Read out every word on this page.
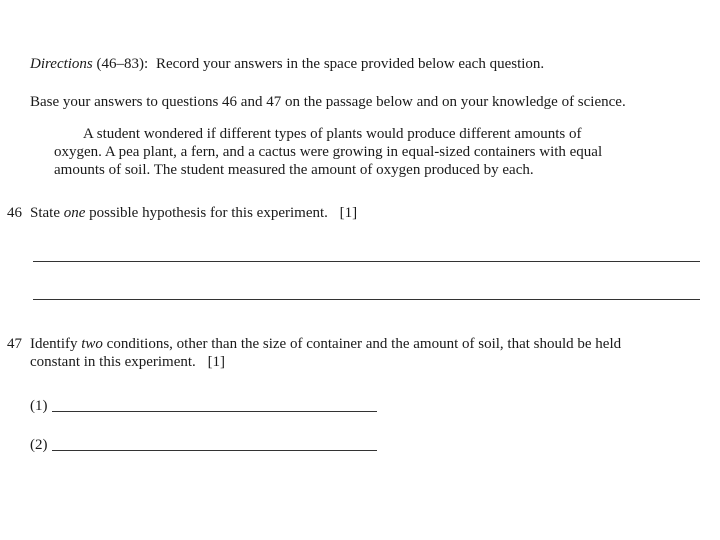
Directions (46–83): Record your answers in the space provided below each question.
Base your answers to questions 46 and 47 on the passage below and on your knowledge of science.
A student wondered if different types of plants would produce different amounts of
oxygen. A pea plant, a fern, and a cactus were growing in equal-sized containers with equal
amounts of soil. The student measured the amount of oxygen produced by each.
46 State one possible hypothesis for this experiment. [1]
47 Identify two conditions, other than the size of container and the amount of soil, that should be held
constant in this experiment. [1]
(1)
(2)
